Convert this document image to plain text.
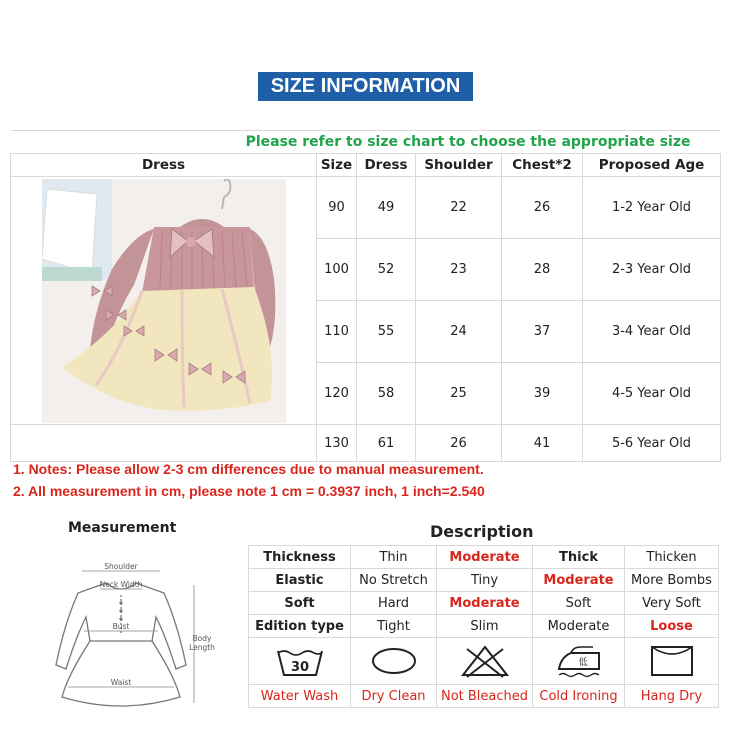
SIZE INFORMATION
Please refer to size chart to choose the appropriate size					
Dress	Size	Dress	Shoulder	Chest*2	Proposed Age

	90	49	22	26	1-2 Year Old
	100	52	23	28	2-3 Year Old
	110	55	24	37	3-4 Year Old
	120	58	25	39	4-5 Year Old
	130	61	26	41	5-6 Year Old
1. Notes: Please allow 2-3 cm differences due to manual measurement.
2. All measurement in cm, please note 1 cm = 0.3937 inch, 1 inch=2.540
Measurement
Shoulder
Neck Width
Bust
Waist
Body
Length
Description
Thickness	Thin	Moderate	Thick	Thicken
Elastic	No Stretch	Tiny	Moderate	More Bombs
Soft	Hard	Moderate	Soft	Very Soft
Edition type	Tight	Slim	Moderate	Loose

30			低

Water Wash	Dry Clean	Not Bleached	Cold Ironing	Hang Dry
